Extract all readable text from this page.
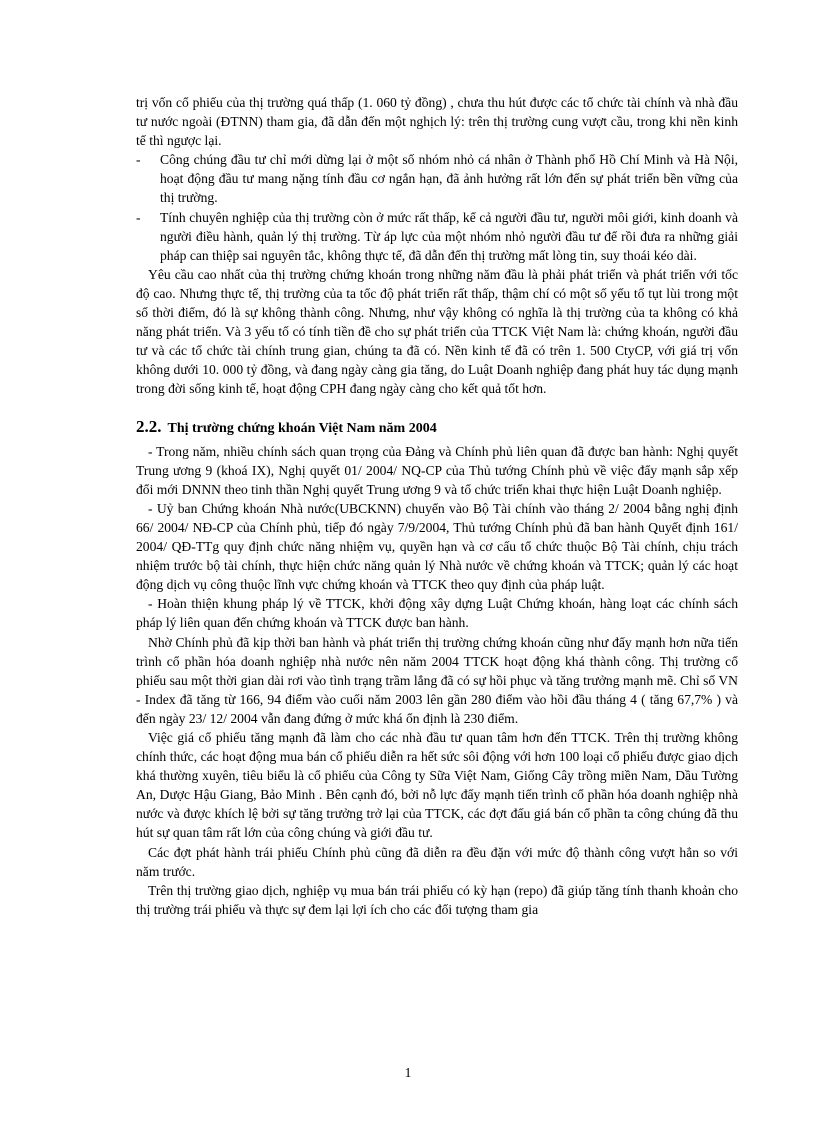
trị vốn cổ phiếu của thị trường quá thấp (1. 060 tỷ đồng) , chưa thu hút được các tổ chức tài chính và nhà đầu tư nước ngoài (ĐTNN) tham gia, đã dẫn đến một nghịch lý: trên thị trường cung vượt cầu, trong khi nền kinh tế thì ngược lại.

- Công chúng đầu tư chỉ mới dừng lại ở một số nhóm nhỏ cá nhân ở Thành phố Hồ Chí Minh và Hà Nội, hoạt động đầu tư mang nặng tính đầu cơ ngắn hạn, đã ảnh hưởng rất lớn đến sự phát triển bền vững của thị trường.

- Tính chuyên nghiệp của thị trường còn ở mức rất thấp, kể cả người đầu tư, người môi giới, kinh doanh và người điều hành, quản lý thị trường. Từ áp lực của một nhóm nhỏ người đầu tư để rồi đưa ra những giải pháp can thiệp sai nguyên tắc, không thực tế, đã dẫn đến thị trường mất lòng tin, suy thoái kéo dài.

Yêu cầu cao nhất của thị trường chứng khoán trong những năm đầu là phải phát triển và phát triển với tốc độ cao. Nhưng thực tế, thị trường của ta tốc độ phát triển rất thấp, thậm chí có một số yếu tố tụt lùi trong một số thời điểm, đó là sự không thành công. Nhưng, như vậy không có nghĩa là thị trường của ta không có khả năng phát triển. Và 3 yếu tố có tính tiền đề cho sự phát triển của TTCK Việt Nam là: chứng khoán, người đầu tư và các tổ chức tài chính trung gian, chúng ta đã có. Nền kinh tế đã có trên 1. 500 CtyCP, với giá trị vốn không dưới 10. 000 tỷ đồng, và đang ngày càng gia tăng, do Luật Doanh nghiệp đang phát huy tác dụng mạnh trong đời sống kinh tế, hoạt động CPH đang ngày càng cho kết quả tốt hơn.

2.2. Thị trường chứng khoán Việt Nam năm 2004

- Trong năm, nhiều chính sách quan trọng của Đảng và Chính phủ liên quan đã được ban hành: Nghị quyết Trung ương 9 (khoá IX), Nghị quyết 01/ 2004/ NQ-CP của Thủ tướng Chính phủ về việc đẩy mạnh sắp xếp đổi mới DNNN theo tinh thần Nghị quyết Trung ương 9 và tổ chức triển khai thực hiện Luật Doanh nghiệp.

- Uỷ ban Chứng khoán Nhà nước(UBCKNN) chuyển vào Bộ Tài chính vào tháng 2/ 2004 bằng nghị định 66/ 2004/ NĐ-CP của Chính phủ, tiếp đó ngày 7/9/2004, Thủ tướng Chính phủ đã ban hành Quyết định 161/ 2004/ QĐ-TTg quy định chức năng nhiệm vụ, quyền hạn và cơ cấu tổ chức thuộc Bộ Tài chính, chịu trách nhiệm trước bộ tài chính, thực hiện chức năng quản lý Nhà nước về chứng khoán và TTCK; quản lý các hoạt động dịch vụ công thuộc lĩnh vực chứng khoán và TTCK theo quy định của pháp luật.

- Hoàn thiện khung pháp lý về TTCK, khởi động xây dựng Luật Chứng khoán, hàng loạt các chính sách pháp lý liên quan đến chứng khoán và TTCK được ban hành.

Nhờ Chính phủ đã kịp thời ban hành và phát triển thị trường chứng khoán cũng như đẩy mạnh hơn nữa tiến trình cổ phần hóa doanh nghiệp nhà nước nên năm 2004 TTCK hoạt động khá thành công. Thị trường cổ phiếu sau một thời gian dài rơi vào tình trạng trầm lắng đã có sự hồi phục và tăng trưởng mạnh mẽ. Chỉ số VN - Index đã tăng từ 166, 94 điểm vào cuối năm 2003 lên gần 280 điểm vào hồi đầu tháng 4 ( tăng 67,7% ) và đến ngày 23/ 12/ 2004 vẫn đang đứng ở mức khá ổn định là 230 điểm.

Việc giá cổ phiếu tăng mạnh đã làm cho các nhà đầu tư quan tâm hơn đến TTCK. Trên thị trường không chính thức, các hoạt động mua bán cổ phiếu diễn ra hết sức sôi động với hơn 100 loại cổ phiếu được giao dịch khá thường xuyên, tiêu biểu là cổ phiếu của Công ty Sữa Việt Nam, Giống Cây trồng miền Nam, Dầu Tường An, Dược Hậu Giang, Bảo Minh . Bên cạnh đó, bởi nỗ lực đẩy mạnh tiến trình cổ phần hóa doanh nghiệp nhà nước và được khích lệ bởi sự tăng trưởng trở lại của TTCK, các đợt đấu giá bán cổ phần ta công chúng đã thu hút sự quan tâm rất lớn của công chúng và giới đầu tư.

Các đợt phát hành trái phiếu Chính phủ cũng đã diễn ra đều đặn với mức độ thành công vượt hẳn so với năm trước.

Trên thị trường giao dịch, nghiệp vụ mua bán trái phiếu có kỳ hạn (repo) đã giúp tăng tính thanh khoản cho thị trường trái phiếu và thực sự đem lại lợi ích cho các đối tượng tham gia

1
